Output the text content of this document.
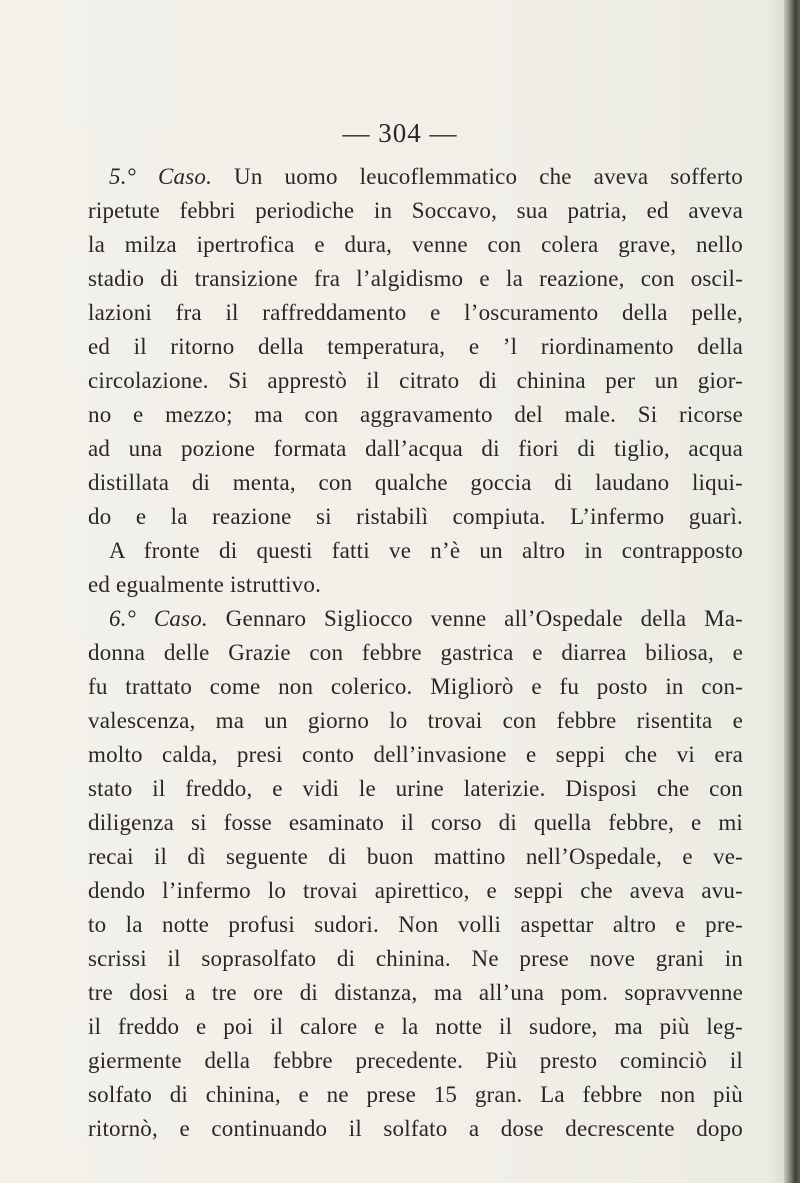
— 304 —
5.° Caso. Un uomo leucoflemmatico che aveva sofferto
ripetute febbri periodiche in Soccavo, sua patria, ed aveva
la milza ipertrofica e dura, venne con colera grave, nello
stadio di transizione fra l’algidismo e la reazione, con oscil-
lazioni fra il raffreddamento e l’oscuramento della pelle,
ed il ritorno della temperatura, e ’l riordinamento della
circolazione. Si apprestò il citrato di chinina per un gior-
no e mezzo; ma con aggravamento del male. Si ricorse
ad una pozione formata dall’acqua di fiori di tiglio, acqua
distillata di menta, con qualche goccia di laudano liqui-
do e la reazione si ristabilì compiuta. L’infermo guarì.
A fronte di questi fatti ve n’è un altro in contrapposto
ed egualmente istruttivo.
6.° Caso. Gennaro Sigliocco venne all’Ospedale della Ma-
donna delle Grazie con febbre gastrica e diarrea biliosa, e
fu trattato come non colerico. Migliorò e fu posto in con-
valescenza, ma un giorno lo trovai con febbre risentita e
molto calda, presi conto dell’invasione e seppi che vi era
stato il freddo, e vidi le urine laterizie. Disposi che con
diligenza si fosse esaminato il corso di quella febbre, e mi
recai il dì seguente di buon mattino nell’Ospedale, e ve-
dendo l’infermo lo trovai apirettico, e seppi che aveva avu-
to la notte profusi sudori. Non volli aspettar altro e pre-
scrissi il soprasolfato di chinina. Ne prese nove grani in
tre dosi a tre ore di distanza, ma all’una pom. sopravvenne
il freddo e poi il calore e la notte il sudore, ma più leg-
giermente della febbre precedente. Più presto cominciò il
solfato di chinina, e ne prese 15 gran. La febbre non più
ritornò, e continuando il solfato a dose decrescente dopo
